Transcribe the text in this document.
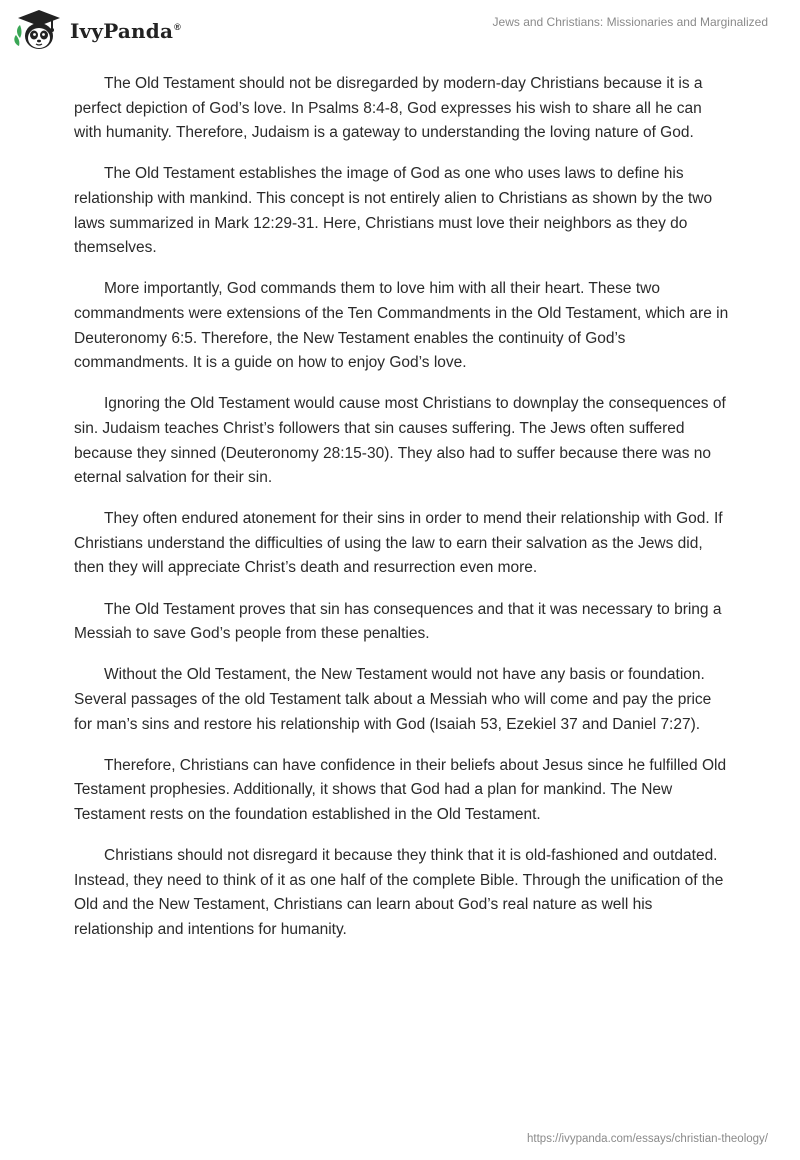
IvyPanda®	Jews and Christians: Missionaries and Marginalized

The Old Testament should not be disregarded by modern-day Christians because it is a perfect depiction of God’s love. In Psalms 8:4-8, God expresses his wish to share all he can with humanity. Therefore, Judaism is a gateway to understanding the loving nature of God.

The Old Testament establishes the image of God as one who uses laws to define his relationship with mankind. This concept is not entirely alien to Christians as shown by the two laws summarized in Mark 12:29-31. Here, Christians must love their neighbors as they do themselves.

More importantly, God commands them to love him with all their heart. These two commandments were extensions of the Ten Commandments in the Old Testament, which are in Deuteronomy 6:5. Therefore, the New Testament enables the continuity of God’s commandments. It is a guide on how to enjoy God’s love.

Ignoring the Old Testament would cause most Christians to downplay the consequences of sin. Judaism teaches Christ’s followers that sin causes suffering. The Jews often suffered because they sinned (Deuteronomy 28:15-30). They also had to suffer because there was no eternal salvation for their sin.

They often endured atonement for their sins in order to mend their relationship with God. If Christians understand the difficulties of using the law to earn their salvation as the Jews did, then they will appreciate Christ’s death and resurrection even more.

The Old Testament proves that sin has consequences and that it was necessary to bring a Messiah to save God’s people from these penalties.

Without the Old Testament, the New Testament would not have any basis or foundation. Several passages of the old Testament talk about a Messiah who will come and pay the price for man’s sins and restore his relationship with God (Isaiah 53, Ezekiel 37 and Daniel 7:27).

Therefore, Christians can have confidence in their beliefs about Jesus since he fulfilled Old Testament prophesies. Additionally, it shows that God had a plan for mankind. The New Testament rests on the foundation established in the Old Testament.

Christians should not disregard it because they think that it is old-fashioned and outdated. Instead, they need to think of it as one half of the complete Bible. Through the unification of the Old and the New Testament, Christians can learn about God’s real nature as well his relationship and intentions for humanity.

https://ivypanda.com/essays/christian-theology/
